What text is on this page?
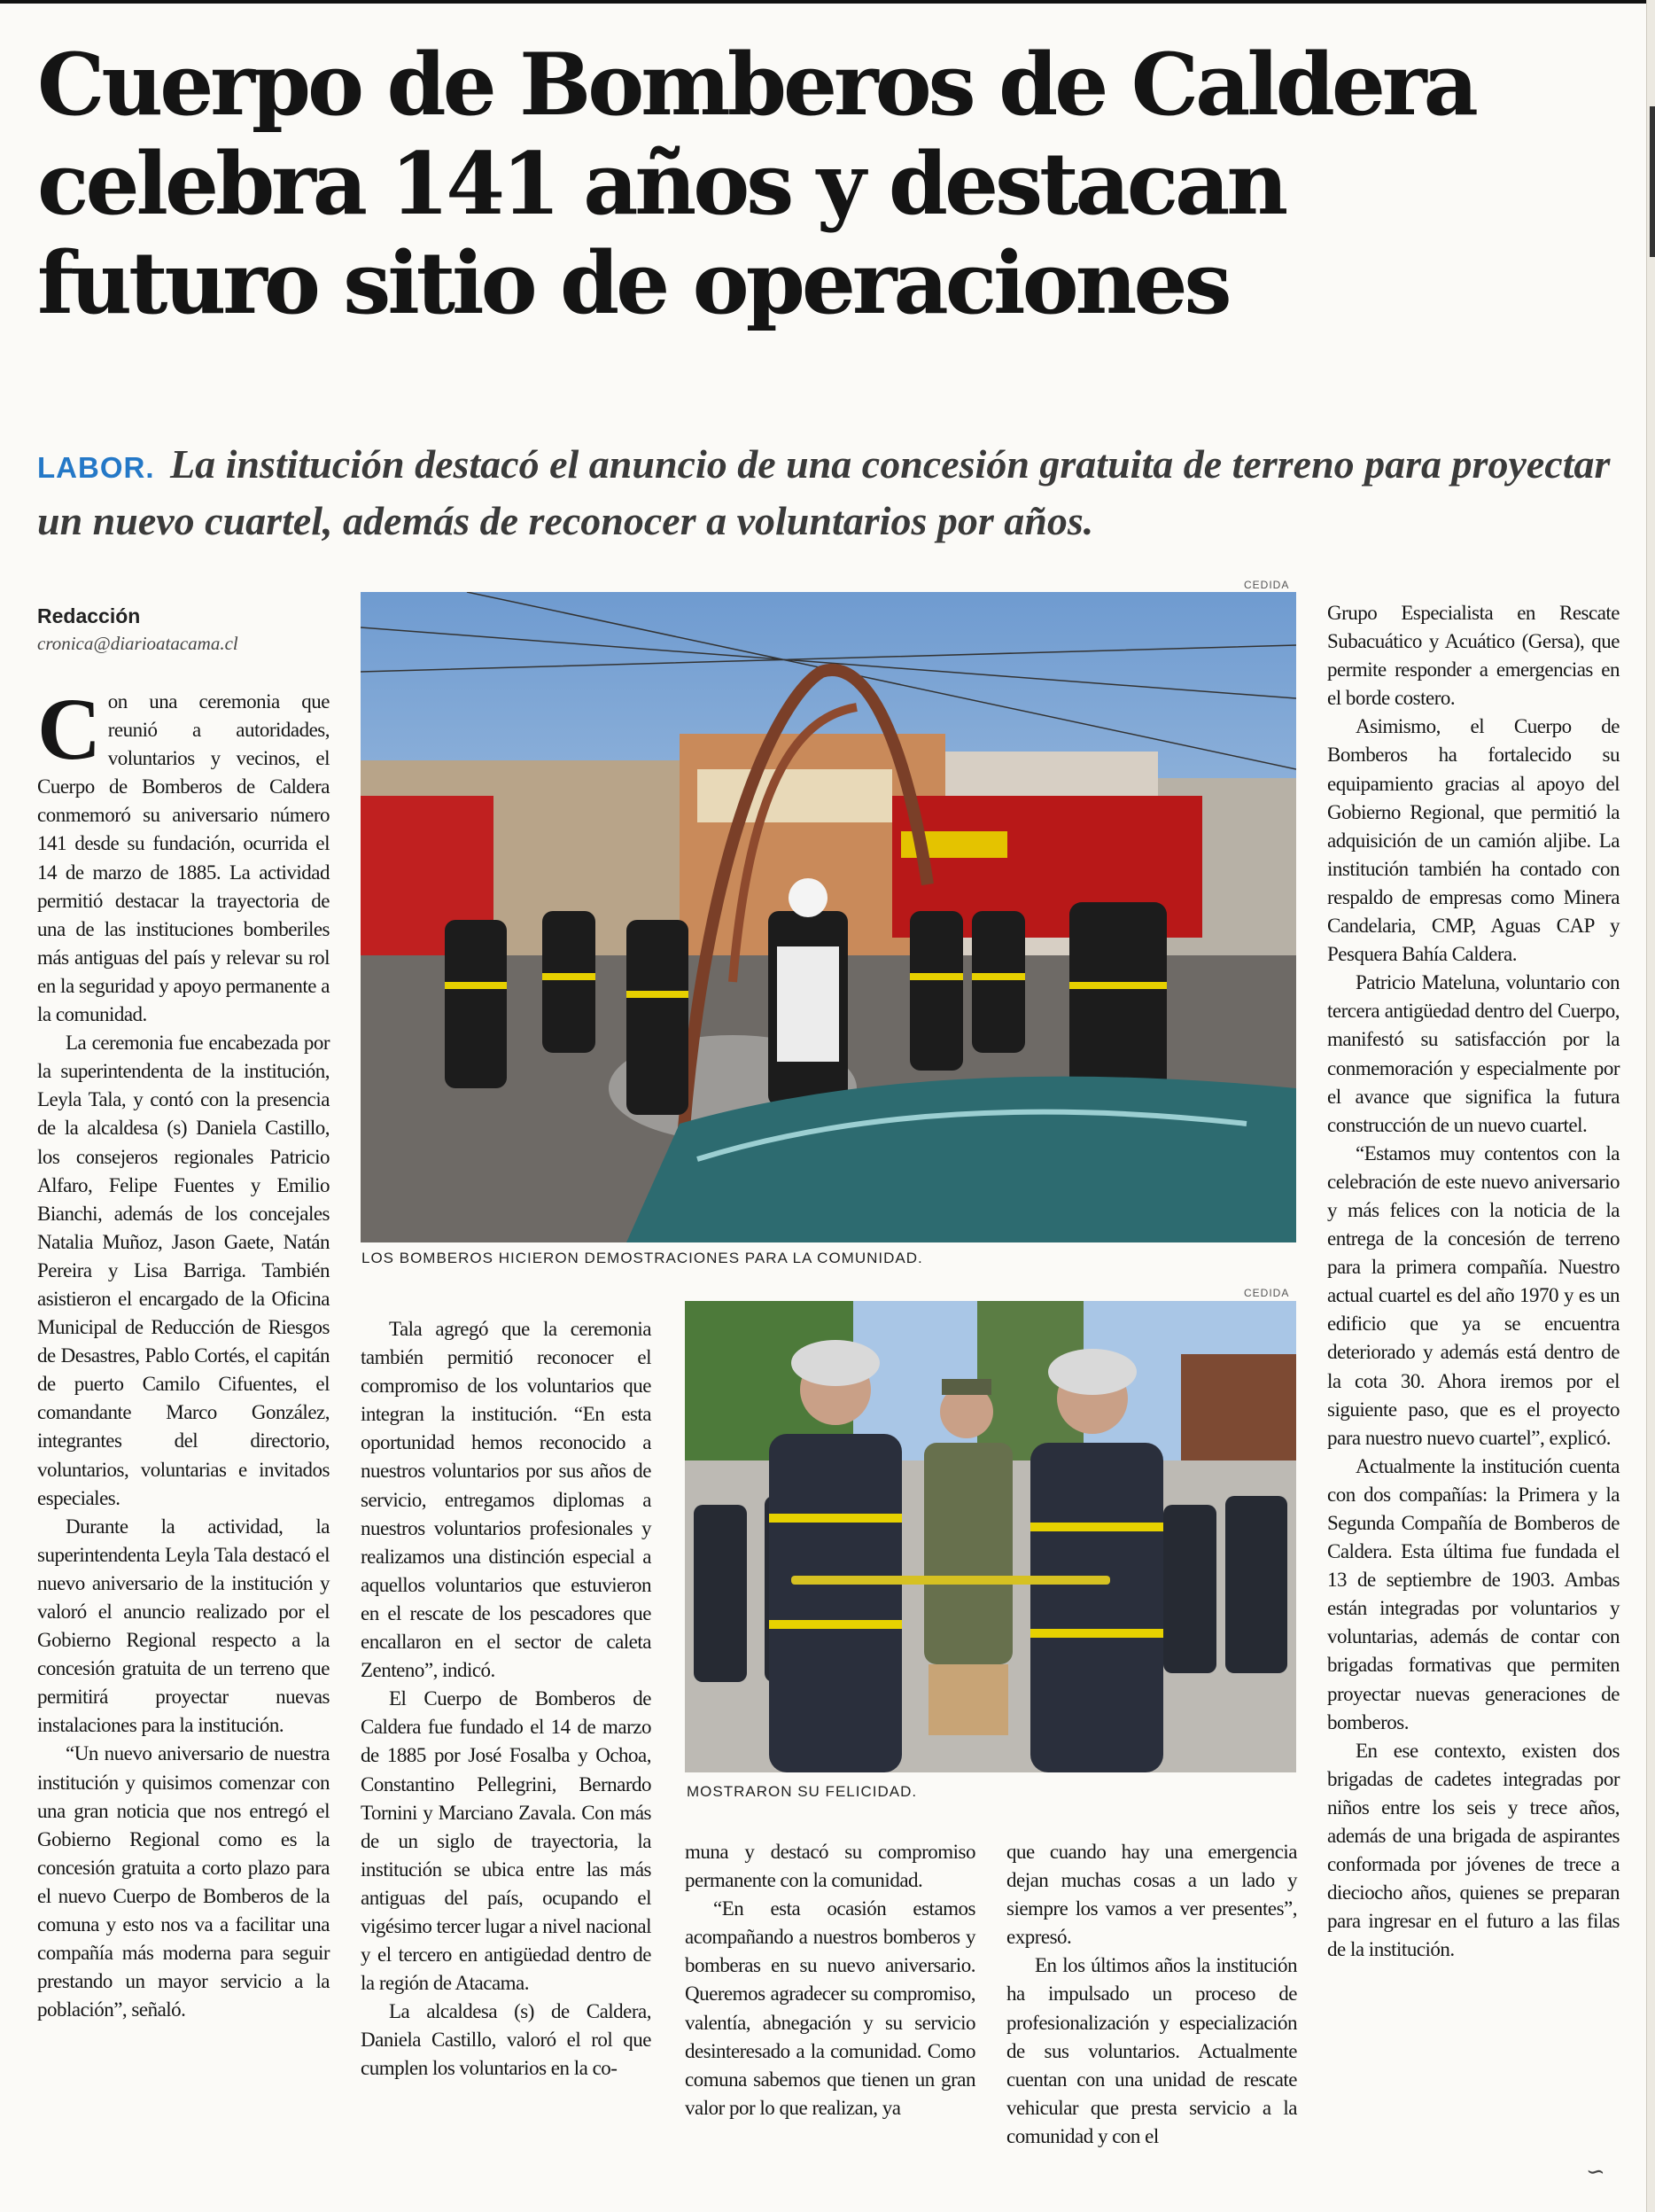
Cuerpo de Bomberos de Caldera
celebra 141 años y destacan
futuro sitio de operaciones

LABOR. La institución destacó el anuncio de una concesión gratuita de terreno para proyectar un nuevo cuartel, además de reconocer a voluntarios por años.

Redacción
cronica@diarioatacama.cl

Con una ceremonia que reunió a autoridades, voluntarios y vecinos, el Cuerpo de Bomberos de Caldera conmemoró su aniversario número 141 desde su fundación, ocurrida el 14 de marzo de 1885. La actividad permitió destacar la trayectoria de una de las instituciones bomberiles más antiguas del país y relevar su rol en la seguridad y apoyo permanente a la comunidad.

La ceremonia fue encabezada por la superintendenta de la institución, Leyla Tala, y contó con la presencia de la alcaldesa (s) Daniela Castillo, los consejeros regionales Patricio Alfaro, Felipe Fuentes y Emilio Bianchi, además de los concejales Natalia Muñoz, Jason Gaete, Natán Pereira y Lisa Barriga. También asistieron el encargado de la Oficina Municipal de Reducción de Riesgos de Desastres, Pablo Cortés, el capitán de puerto Camilo Cifuentes, el comandante Marco González, integrantes del directorio, voluntarios, voluntarias e invitados especiales.

Durante la actividad, la superintendenta Leyla Tala destacó el nuevo aniversario de la institución y valoró el anuncio realizado por el Gobierno Regional respecto a la concesión gratuita de un terreno que permitirá proyectar nuevas instalaciones para la institución.

“Un nuevo aniversario de nuestra institución y quisimos comenzar con una gran noticia que nos entregó el Gobierno Regional como es la concesión gratuita a corto plazo para el nuevo Cuerpo de Bomberos de la comuna y esto nos va a facilitar una compañía más moderna para seguir prestando un mayor servicio a la población”, señaló.

CEDIDA
LOS BOMBEROS HICIERON DEMOSTRACIONES PARA LA COMUNIDAD.

Tala agregó que la ceremonia también permitió reconocer el compromiso de los voluntarios que integran la institución. “En esta oportunidad hemos reconocido a nuestros voluntarios por sus años de servicio, entregamos diplomas a nuestros voluntarios profesionales y realizamos una distinción especial a aquellos voluntarios que estuvieron en el rescate de los pescadores que encallaron en el sector de caleta Zenteno”, indicó.

El Cuerpo de Bomberos de Caldera fue fundado el 14 de marzo de 1885 por José Fosalba y Ochoa, Constantino Pellegrini, Bernardo Tornini y Marciano Zavala. Con más de un siglo de trayectoria, la institución se ubica entre las más antiguas del país, ocupando el vigésimo tercer lugar a nivel nacional y el tercero en antigüedad dentro de la región de Atacama.

La alcaldesa (s) de Caldera, Daniela Castillo, valoró el rol que cumplen los voluntarios en la co-

CEDIDA
MOSTRARON SU FELICIDAD.

muna y destacó su compromiso permanente con la comunidad.

“En esta ocasión estamos acompañando a nuestros bomberos y bomberas en su nuevo aniversario. Queremos agradecer su compromiso, valentía, abnegación y su servicio desinteresado a la comunidad. Como comuna sabemos que tienen un gran valor por lo que realizan, ya

que cuando hay una emergencia dejan muchas cosas a un lado y siempre los vamos a ver presentes”, expresó.

En los últimos años la institución ha impulsado un proceso de profesionalización y especialización de sus voluntarios. Actualmente cuentan con una unidad de rescate vehicular que presta servicio a la comunidad y con el

Grupo Especialista en Rescate Subacuático y Acuático (Gersa), que permite responder a emergencias en el borde costero.

Asimismo, el Cuerpo de Bomberos ha fortalecido su equipamiento gracias al apoyo del Gobierno Regional, que permitió la adquisición de un camión aljibe. La institución también ha contado con respaldo de empresas como Minera Candelaria, CMP, Aguas CAP y Pesquera Bahía Caldera.

Patricio Mateluna, voluntario con tercera antigüedad dentro del Cuerpo, manifestó su satisfacción por la conmemoración y especialmente por el avance que significa la futura construcción de un nuevo cuartel.

“Estamos muy contentos con la celebración de este nuevo aniversario y más felices con la noticia de la entrega de la concesión de terreno para la primera compañía. Nuestro actual cuartel es del año 1970 y es un edificio que ya se encuentra deteriorado y además está dentro de la cota 30. Ahora iremos por el siguiente paso, que es el proyecto para nuestro nuevo cuartel”, explicó.

Actualmente la institución cuenta con dos compañías: la Primera y la Segunda Compañía de Bomberos de Caldera. Esta última fue fundada el 13 de septiembre de 1903. Ambas están integradas por voluntarios y voluntarias, además de contar con brigadas formativas que permiten proyectar nuevas generaciones de bomberos.

En ese contexto, existen dos brigadas de cadetes integradas por niños entre los seis y trece años, además de una brigada de aspirantes conformada por jóvenes de trece a dieciocho años, quienes se preparan para ingresar en el futuro a las filas de la institución.

∽
